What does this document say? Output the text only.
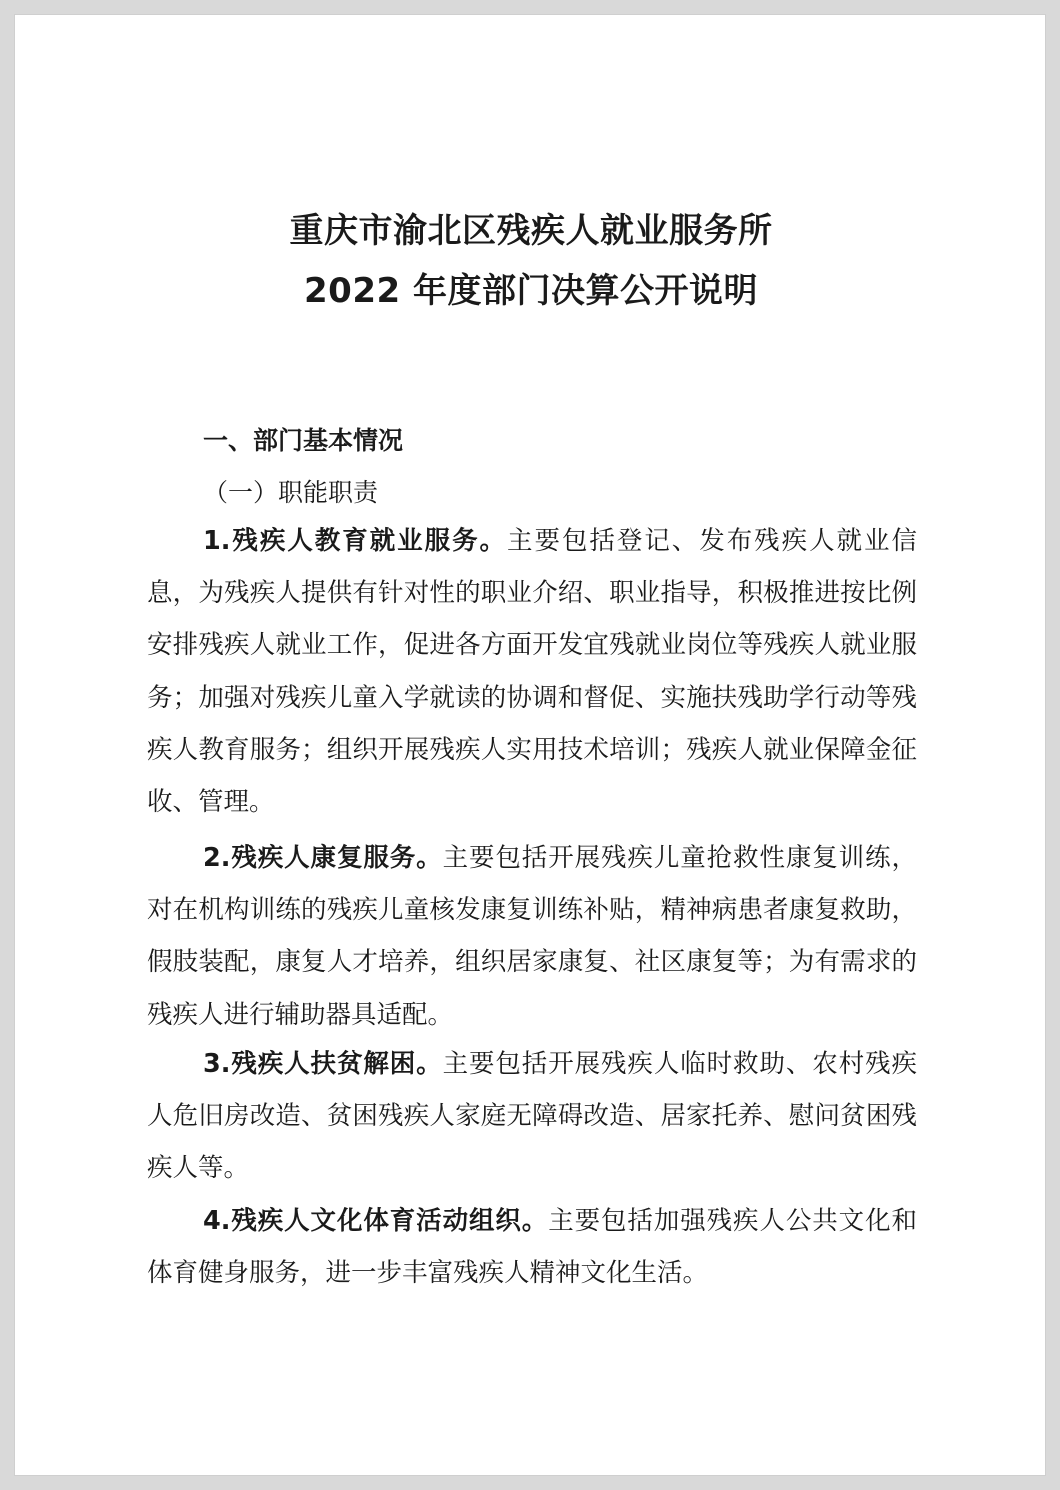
重庆市渝北区残疾人就业服务所
2022 年度部门决算公开说明
一、部门基本情况
（一）职能职责
1.残疾人教育就业服务。主要包括登记、发布残疾人就业信息，为残疾人提供有针对性的职业介绍、职业指导，积极推进按比例安排残疾人就业工作，促进各方面开发宜残就业岗位等残疾人就业服务；加强对残疾儿童入学就读的协调和督促、实施扶残助学行动等残疾人教育服务；组织开展残疾人实用技术培训；残疾人就业保障金征收、管理。
2.残疾人康复服务。主要包括开展残疾儿童抢救性康复训练，对在机构训练的残疾儿童核发康复训练补贴，精神病患者康复救助，假肢装配，康复人才培养，组织居家康复、社区康复等；为有需求的残疾人进行辅助器具适配。
3.残疾人扶贫解困。主要包括开展残疾人临时救助、农村残疾人危旧房改造、贫困残疾人家庭无障碍改造、居家托养、慰问贫困残疾人等。
4.残疾人文化体育活动组织。主要包括加强残疾人公共文化和体育健身服务，进一步丰富残疾人精神文化生活。
